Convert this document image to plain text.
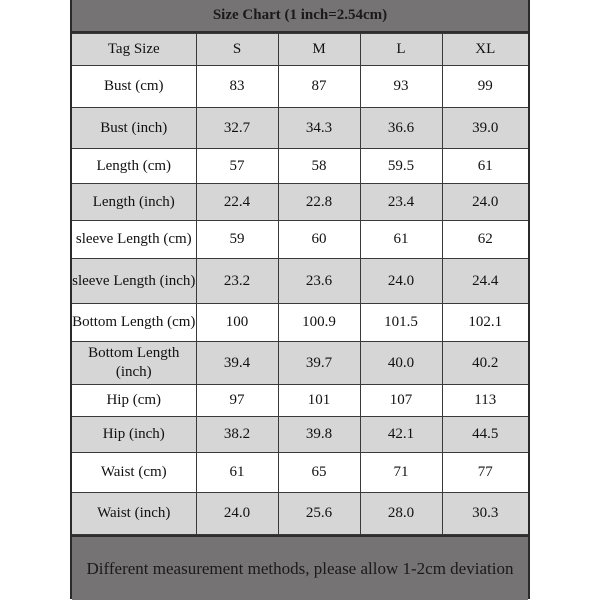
Size Chart (1 inch=2.54cm)
Tag Size	S	M	L	XL
Bust (cm)	83	87	93	99
Bust (inch)	32.7	34.3	36.6	39.0
Length (cm)	57	58	59.5	61
Length (inch)	22.4	22.8	23.4	24.0
sleeve Length (cm)	59	60	61	62
sleeve Length (inch)	23.2	23.6	24.0	24.4
Bottom Length (cm)	100	100.9	101.5	102.1
Bottom Length (inch)	39.4	39.7	40.0	40.2
Hip (cm)	97	101	107	113
Hip (inch)	38.2	39.8	42.1	44.5
Waist (cm)	61	65	71	77
Waist (inch)	24.0	25.6	28.0	30.3
Different measurement methods, please allow 1-2cm deviation
